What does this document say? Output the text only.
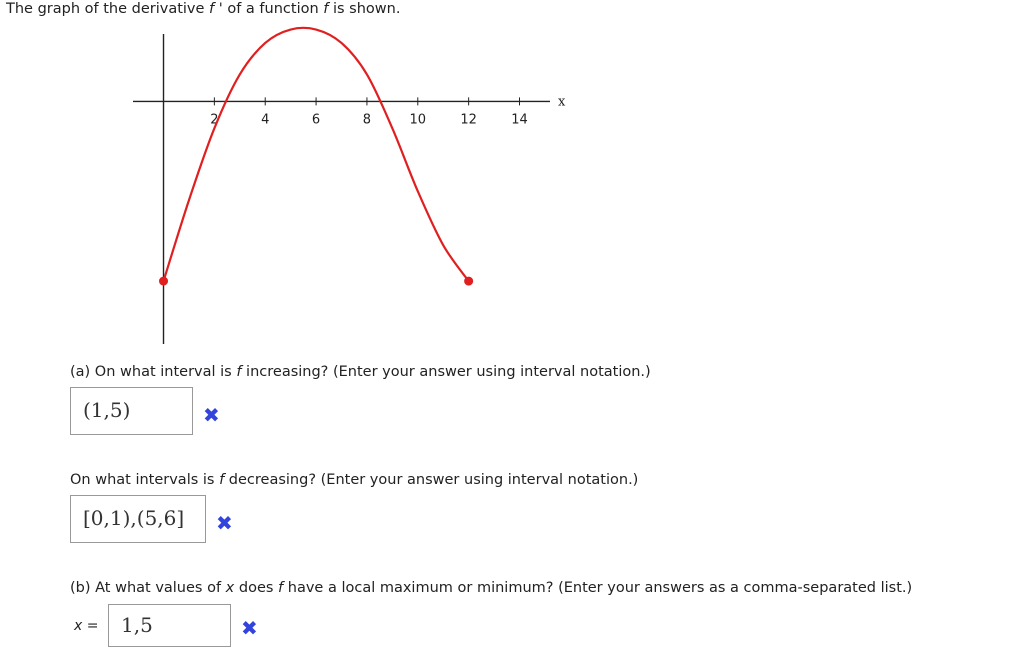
The graph of the derivative f ' of a function f is shown.
2	4	6	8	10	12	14
x
(a) On what interval is f increasing? (Enter your answer using interval notation.)
(1,5)	✖
On what intervals is f decreasing? (Enter your answer using interval notation.)
[0,1),(5,6]	✖
(b) At what values of x does f have a local maximum or minimum? (Enter your answers as a comma-separated list.)
x =	1,5	✖
